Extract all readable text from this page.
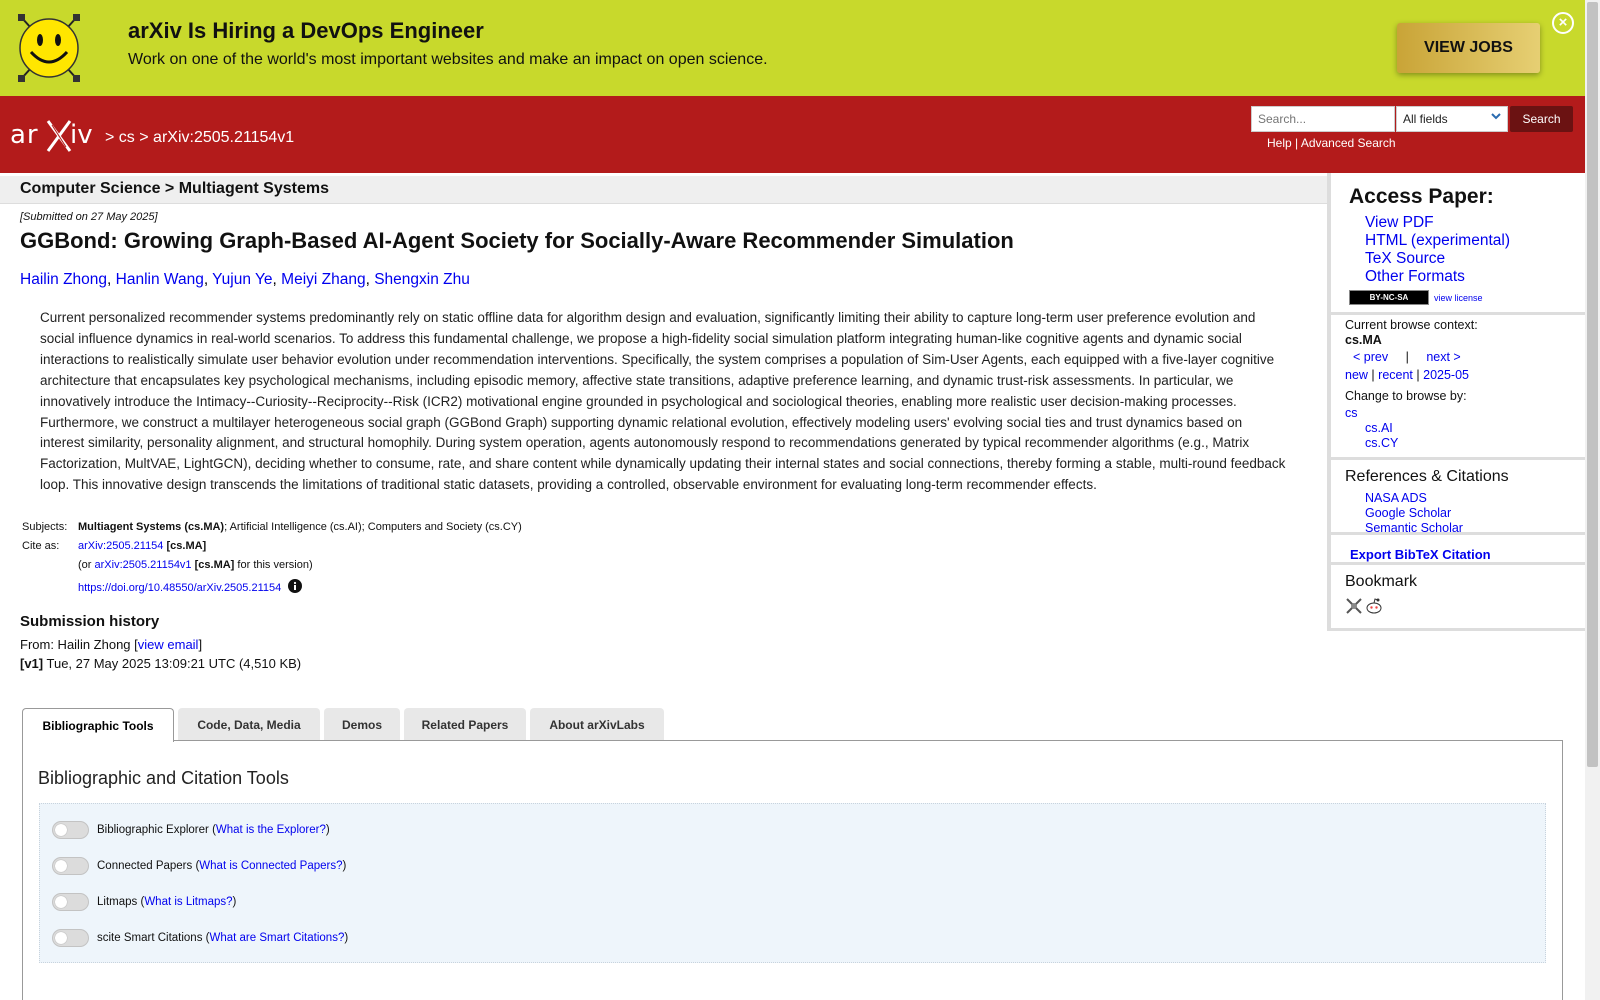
arXiv Is Hiring a DevOps Engineer
Work on one of the world's most important websites and make an impact on open science.
VIEW JOBS
×
ar iv > cs > arXiv:2505.21154v1
Search...
All fields	Search
Help | Advanced Search
Computer Science > Multiagent Systems
[Submitted on 27 May 2025]
GGBond: Growing Graph-Based AI-Agent Society for Socially-Aware Recommender Simulation
Hailin Zhong, Hanlin Wang, Yujun Ye, Meiyi Zhang, Shengxin Zhu
Current personalized recommender systems predominantly rely on static offline data for algorithm design and evaluation, significantly limiting their ability to capture long-term user preference evolution and social influence dynamics in real-world scenarios. To address this fundamental challenge, we propose a high-fidelity social simulation platform integrating human-like cognitive agents and dynamic social interactions to realistically simulate user behavior evolution under recommendation interventions. Specifically, the system comprises a population of Sim-User Agents, each equipped with a five-layer cognitive architecture that encapsulates key psychological mechanisms, including episodic memory, affective state transitions, adaptive preference learning, and dynamic trust-risk assessments. In particular, we innovatively introduce the Intimacy--Curiosity--Reciprocity--Risk (ICR2) motivational engine grounded in psychological and sociological theories, enabling more realistic user decision-making processes. Furthermore, we construct a multilayer heterogeneous social graph (GGBond Graph) supporting dynamic relational evolution, effectively modeling users' evolving social ties and trust dynamics based on interest similarity, personality alignment, and structural homophily. During system operation, agents autonomously respond to recommendations generated by typical recommender algorithms (e.g., Matrix Factorization, MultVAE, LightGCN), deciding whether to consume, rate, and share content while dynamically updating their internal states and social connections, thereby forming a stable, multi-round feedback loop. This innovative design transcends the limitations of traditional static datasets, providing a controlled, observable environment for evaluating long-term recommender effects.
Subjects: Multiagent Systems (cs.MA); Artificial Intelligence (cs.AI); Computers and Society (cs.CY)
Cite as: arXiv:2505.21154 [cs.MA]
(or arXiv:2505.21154v1 [cs.MA] for this version)
https://doi.org/10.48550/arXiv.2505.21154
Submission history
From: Hailin Zhong [view email]
[v1] Tue, 27 May 2025 13:09:21 UTC (4,510 KB)
Access Paper:
View PDF
HTML (experimental)
TeX Source
Other Formats
BY-NC-SA	view license
Current browse context:
cs.MA
< prev | next >
new | recent | 2025-05
Change to browse by:
cs
cs.AI
cs.CY
References & Citations
NASA ADS
Google Scholar
Semantic Scholar
Export BibTeX Citation
Bookmark
Bibliographic Tools	Code, Data, Media	Demos	Related Papers	About arXivLabs
Bibliographic and Citation Tools
Bibliographic Explorer ( What is the Explorer? )
Connected Papers ( What is Connected Papers? )
Litmaps ( What is Litmaps? )
scite Smart Citations ( What are Smart Citations? )
